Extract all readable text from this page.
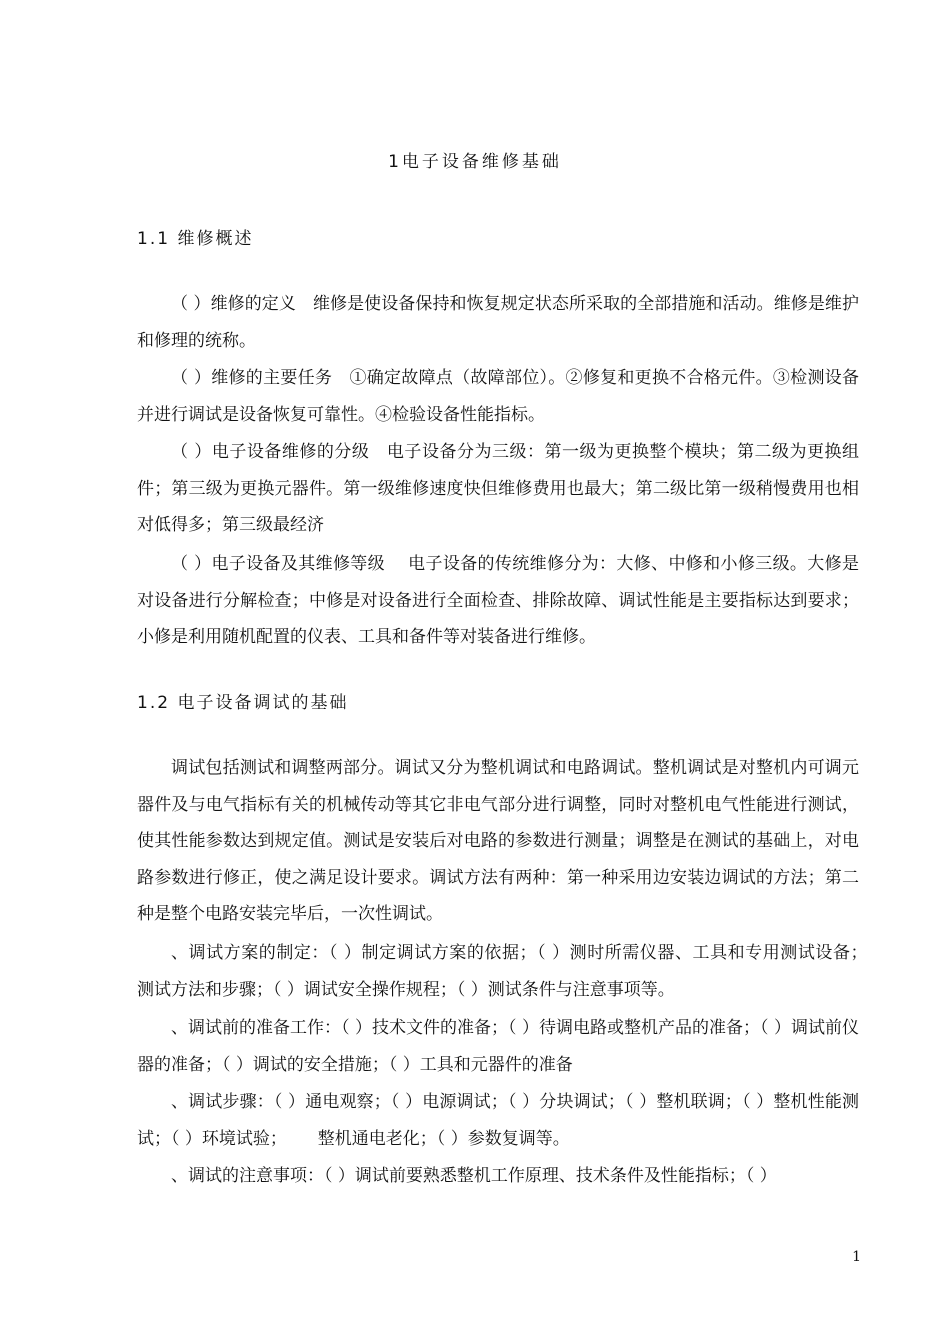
1电子设备维修基础
1.1 维修概述

（ ）维修的定义　维修是使设备保持和恢复规定状态所采取的全部措施和活动。维修是维护和修理的统称。

（ ）维修的主要任务　①确定故障点（故障部位）。②修复和更换不合格元件。③检测设备并进行调试是设备恢复可靠性。④检验设备性能指标。

（ ）电子设备维修的分级　电子设备分为三级：第一级为更换整个模块；第二级为更换组件；第三级为更换元器件。第一级维修速度快但维修费用也最大；第二级比第一级稍慢费用也相对低得多；第三级最经济

（ ）电子设备及其维修等级　 电子设备的传统维修分为：大修、中修和小修三级。大修是对设备进行分解检查；中修是对设备进行全面检查、排除故障、调试性能是主要指标达到要求；小修是利用随机配置的仪表、工具和备件等对装备进行维修。

1.2 电子设备调试的基础

调试包括测试和调整两部分。调试又分为整机调试和电路调试。整机调试是对整机内可调元器件及与电气指标有关的机械传动等其它非电气部分进行调整，同时对整机电气性能进行测试，使其性能参数达到规定值。测试是安装后对电路的参数进行测量；调整是在测试的基础上，对电路参数进行修正，使之满足设计要求。调试方法有两种：第一种采用边安装边调试的方法；第二种是整个电路安装完毕后，一次性调试。

、调试方案的制定：（ ）制定调试方案的依据；（ ）测时所需仪器、工具和专用测试设备；　　 测试方法和步骤；（ ）调试安全操作规程；（ ）测试条件与注意事项等。

、调试前的准备工作：（ ）技术文件的准备；（ ）待调电路或整机产品的准备；（ ）调试前仪器的准备；（ ）调试的安全措施；（ ）工具和元器件的准备

、调试步骤：（ ）通电观察；（ ）电源调试；（ ）分块调试；（ ）整机联调；（ ）整机性能测试；（ ）环境试验；　　 整机通电老化；（ ）参数复调等。

、调试的注意事项：（ ）调试前要熟悉整机工作原理、技术条件及性能指标；（ ）

1
